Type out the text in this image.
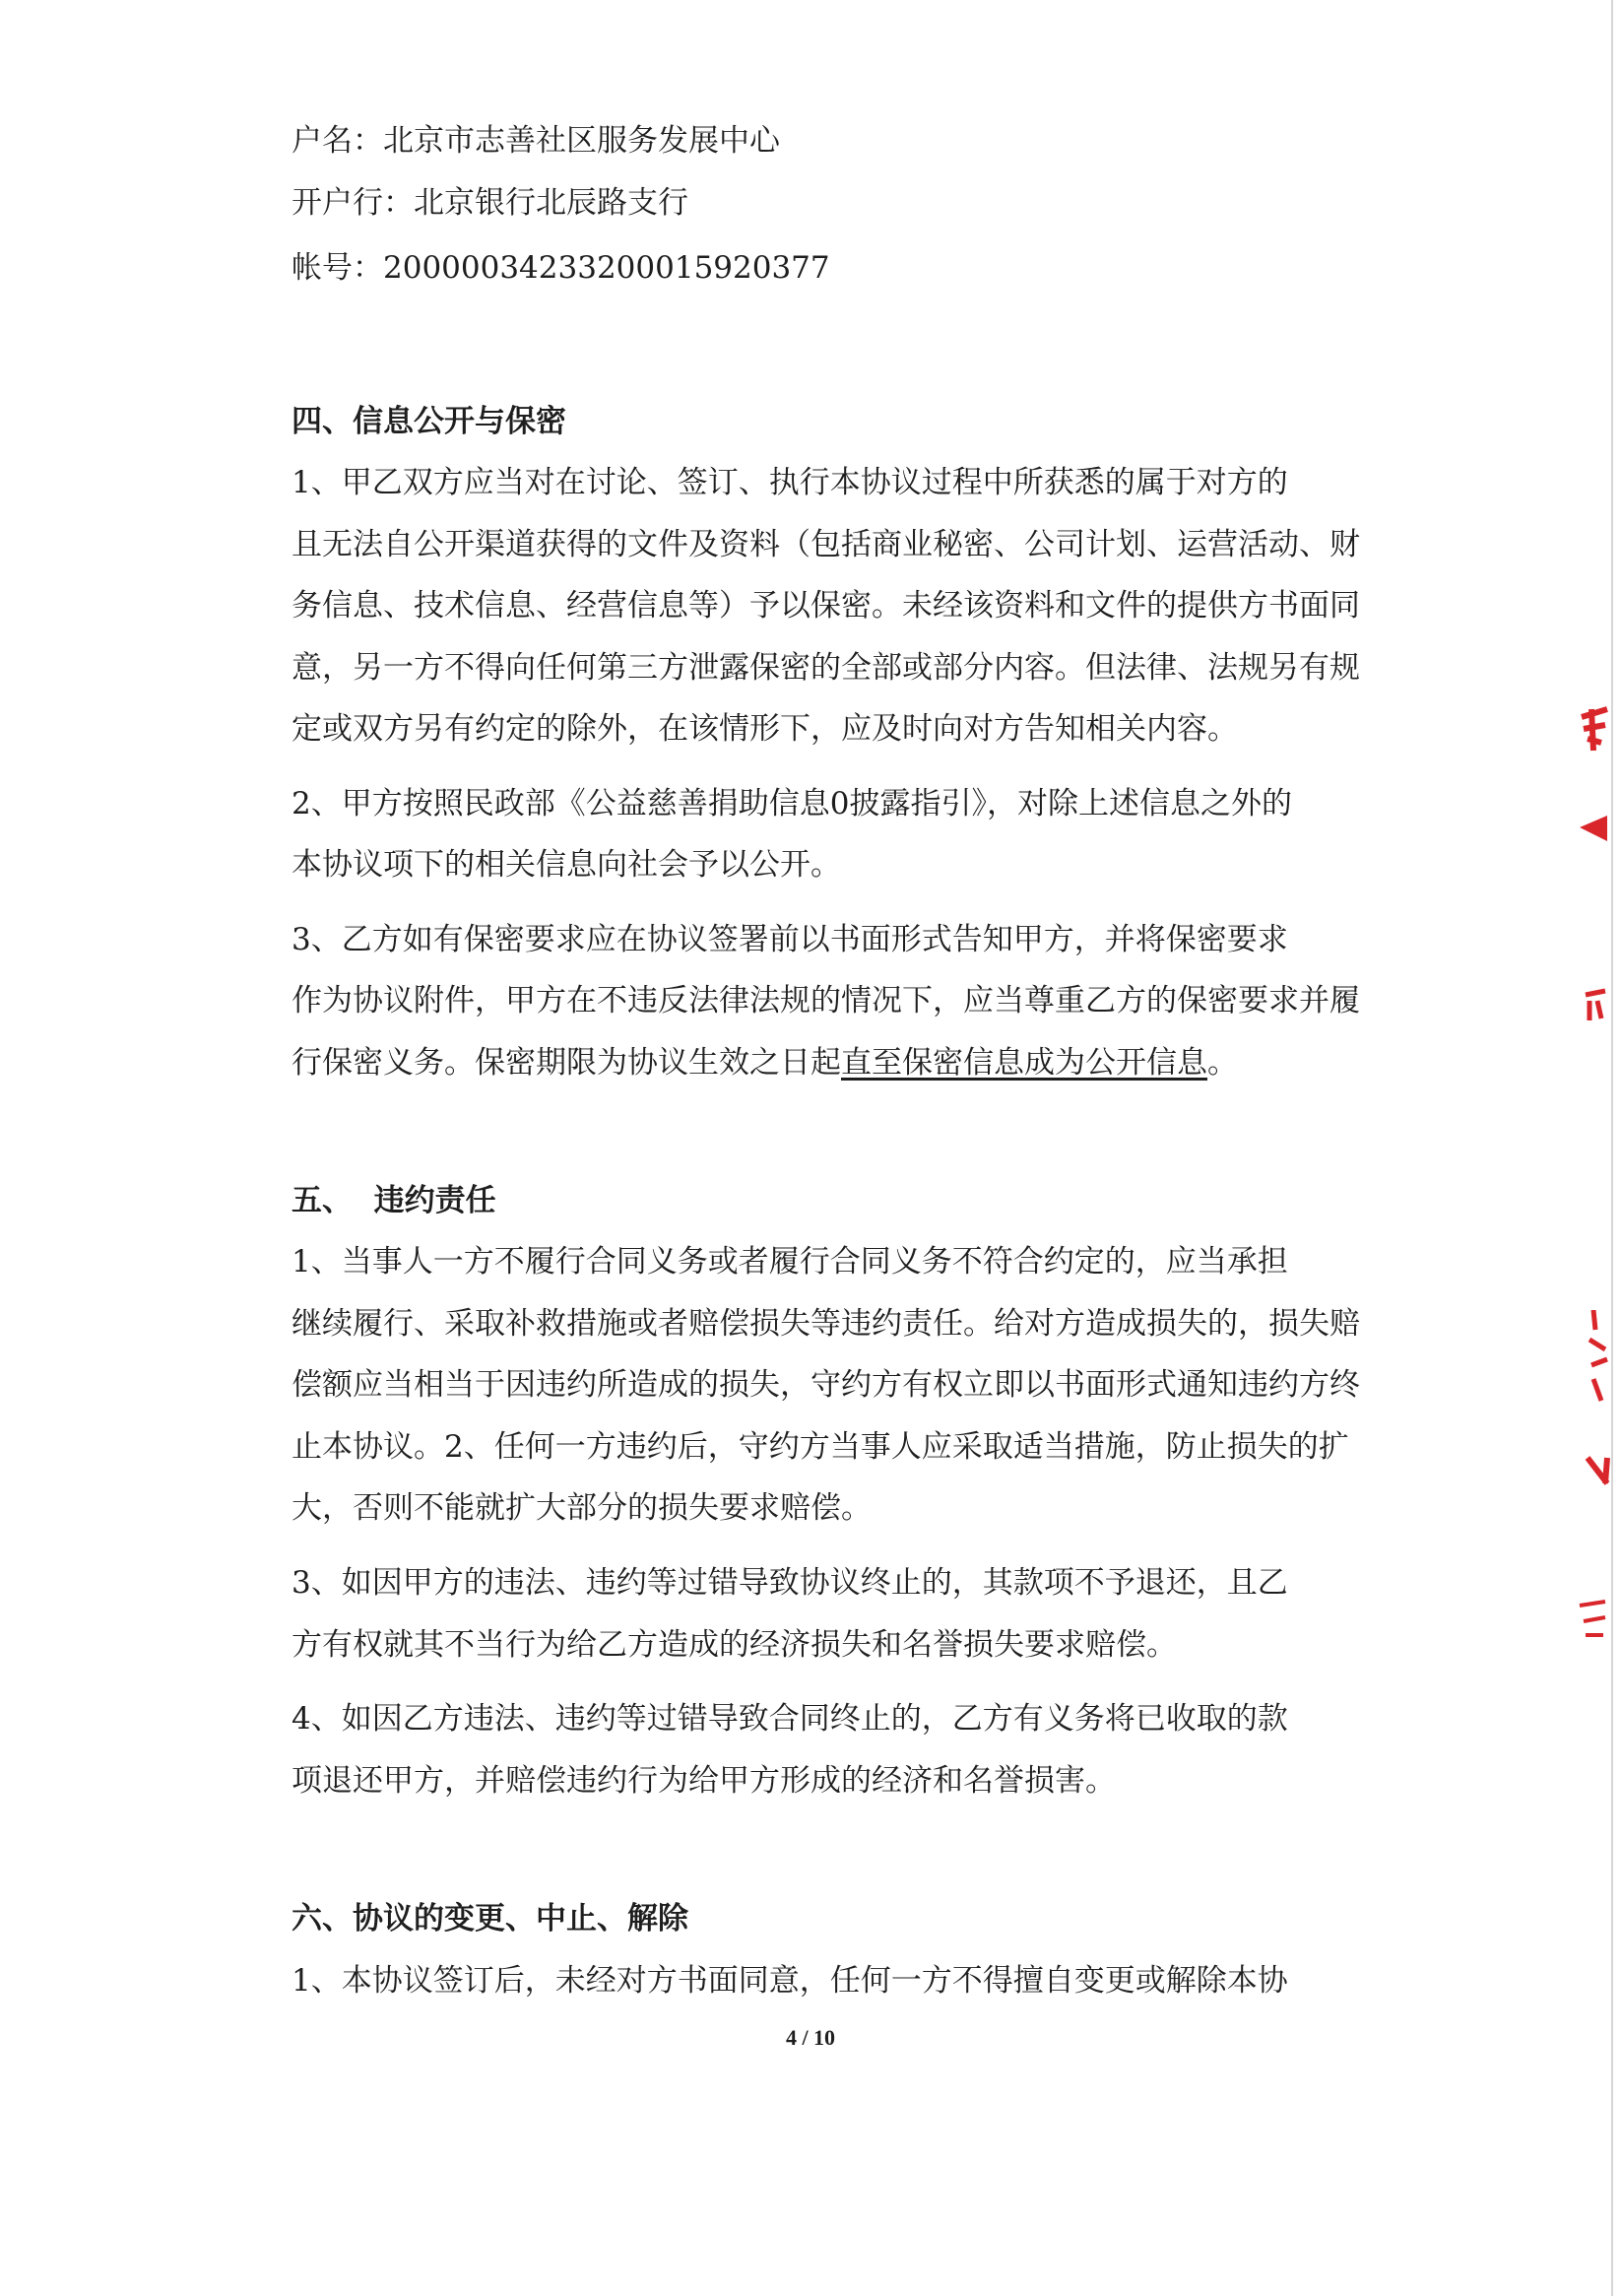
户名：北京市志善社区服务发展中心
开户行：北京银行北辰路支行
帐号：20000034233200015920377
四、信息公开与保密
1、甲乙双方应当对在讨论、签订、执行本协议过程中所获悉的属于对方的
且无法自公开渠道获得的文件及资料（包括商业秘密、公司计划、运营活动、财
务信息、技术信息、经营信息等）予以保密。未经该资料和文件的提供方书面同
意，另一方不得向任何第三方泄露保密的全部或部分内容。但法律、法规另有规
定或双方另有约定的除外，在该情形下，应及时向对方告知相关内容。
2、甲方按照民政部《公益慈善捐助信息0披露指引》，对除上述信息之外的
本协议项下的相关信息向社会予以公开。
3、乙方如有保密要求应在协议签署前以书面形式告知甲方，并将保密要求
作为协议附件，甲方在不违反法律法规的情况下，应当尊重乙方的保密要求并履
行保密义务。保密期限为协议生效之日起直至保密信息成为公开信息。
五、  违约责任
1、当事人一方不履行合同义务或者履行合同义务不符合约定的，应当承担
继续履行、采取补救措施或者赔偿损失等违约责任。给对方造成损失的，损失赔
偿额应当相当于因违约所造成的损失，守约方有权立即以书面形式通知违约方终
止本协议。2、任何一方违约后，守约方当事人应采取适当措施，防止损失的扩
大，否则不能就扩大部分的损失要求赔偿。
3、如因甲方的违法、违约等过错导致协议终止的，其款项不予退还，且乙
方有权就其不当行为给乙方造成的经济损失和名誉损失要求赔偿。
4、如因乙方违法、违约等过错导致合同终止的，乙方有义务将已收取的款
项退还甲方，并赔偿违约行为给甲方形成的经济和名誉损害。
六、协议的变更、中止、解除
1、本协议签订后，未经对方书面同意，任何一方不得擅自变更或解除本协
4 / 10
